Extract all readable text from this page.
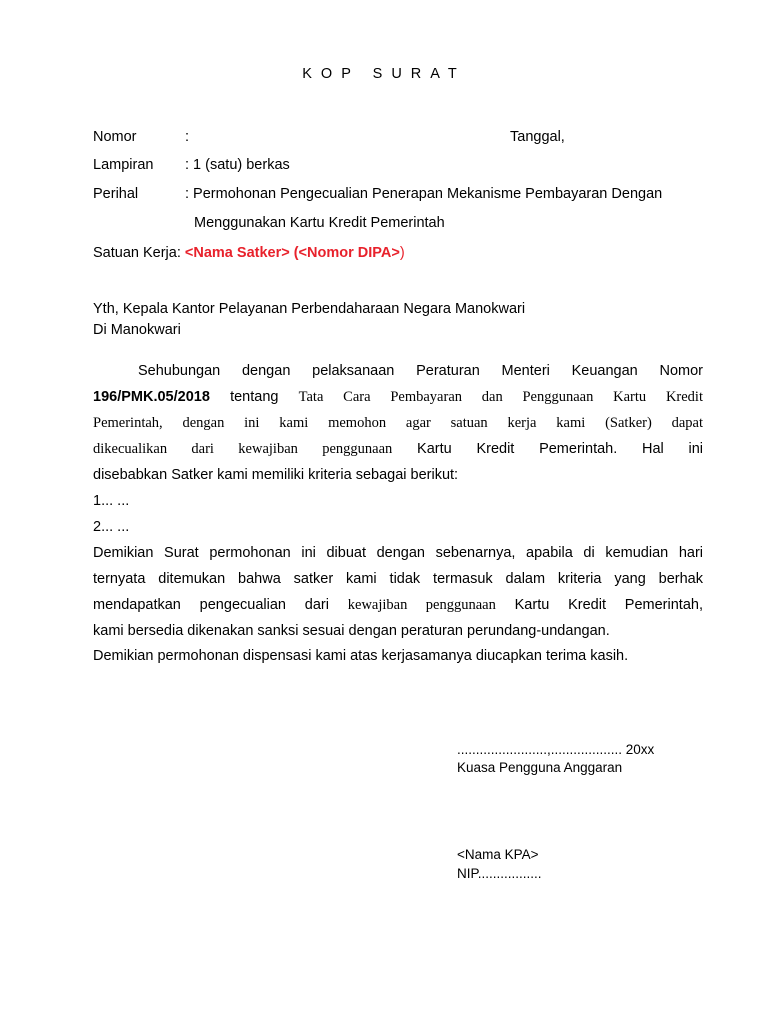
KOP SURAT
Nomor	:	Tanggal,
Lampiran : 1 (satu) berkas
Perihal	: Permohonan Pengecualian Penerapan Mekanisme Pembayaran Dengan
Menggunakan Kartu Kredit Pemerintah
Satuan Kerja: <Nama Satker> (<Nomor DIPA>)
Yth, Kepala Kantor Pelayanan Perbendaharaan Negara Manokwari
Di Manokwari
Sehubungan dengan pelaksanaan Peraturan Menteri Keuangan Nomor
196/PMK.05/2018 tentang Tata Cara Pembayaran dan Penggunaan Kartu Kredit
Pemerintah, dengan ini kami memohon agar satuan kerja kami (Satker) dapat
dikecualikan dari kewajiban penggunaan Kartu Kredit Pemerintah. Hal ini
disebabkan Satker kami memiliki kriteria sebagai berikut:
1... ...
2... ...
Demikian Surat permohonan ini dibuat dengan sebenarnya, apabila di kemudian hari
ternyata ditemukan bahwa satker kami tidak termasuk dalam kriteria yang berhak
mendapatkan pengecualian dari kewajiban penggunaan Kartu Kredit Pemerintah,
kami bersedia dikenakan sanksi sesuai dengan peraturan perundang-undangan.
Demikian permohonan dispensasi kami atas kerjasamanya diucapkan terima kasih.
........................,................... 20xx
Kuasa Pengguna Anggaran
<Nama KPA>
NIP.................
